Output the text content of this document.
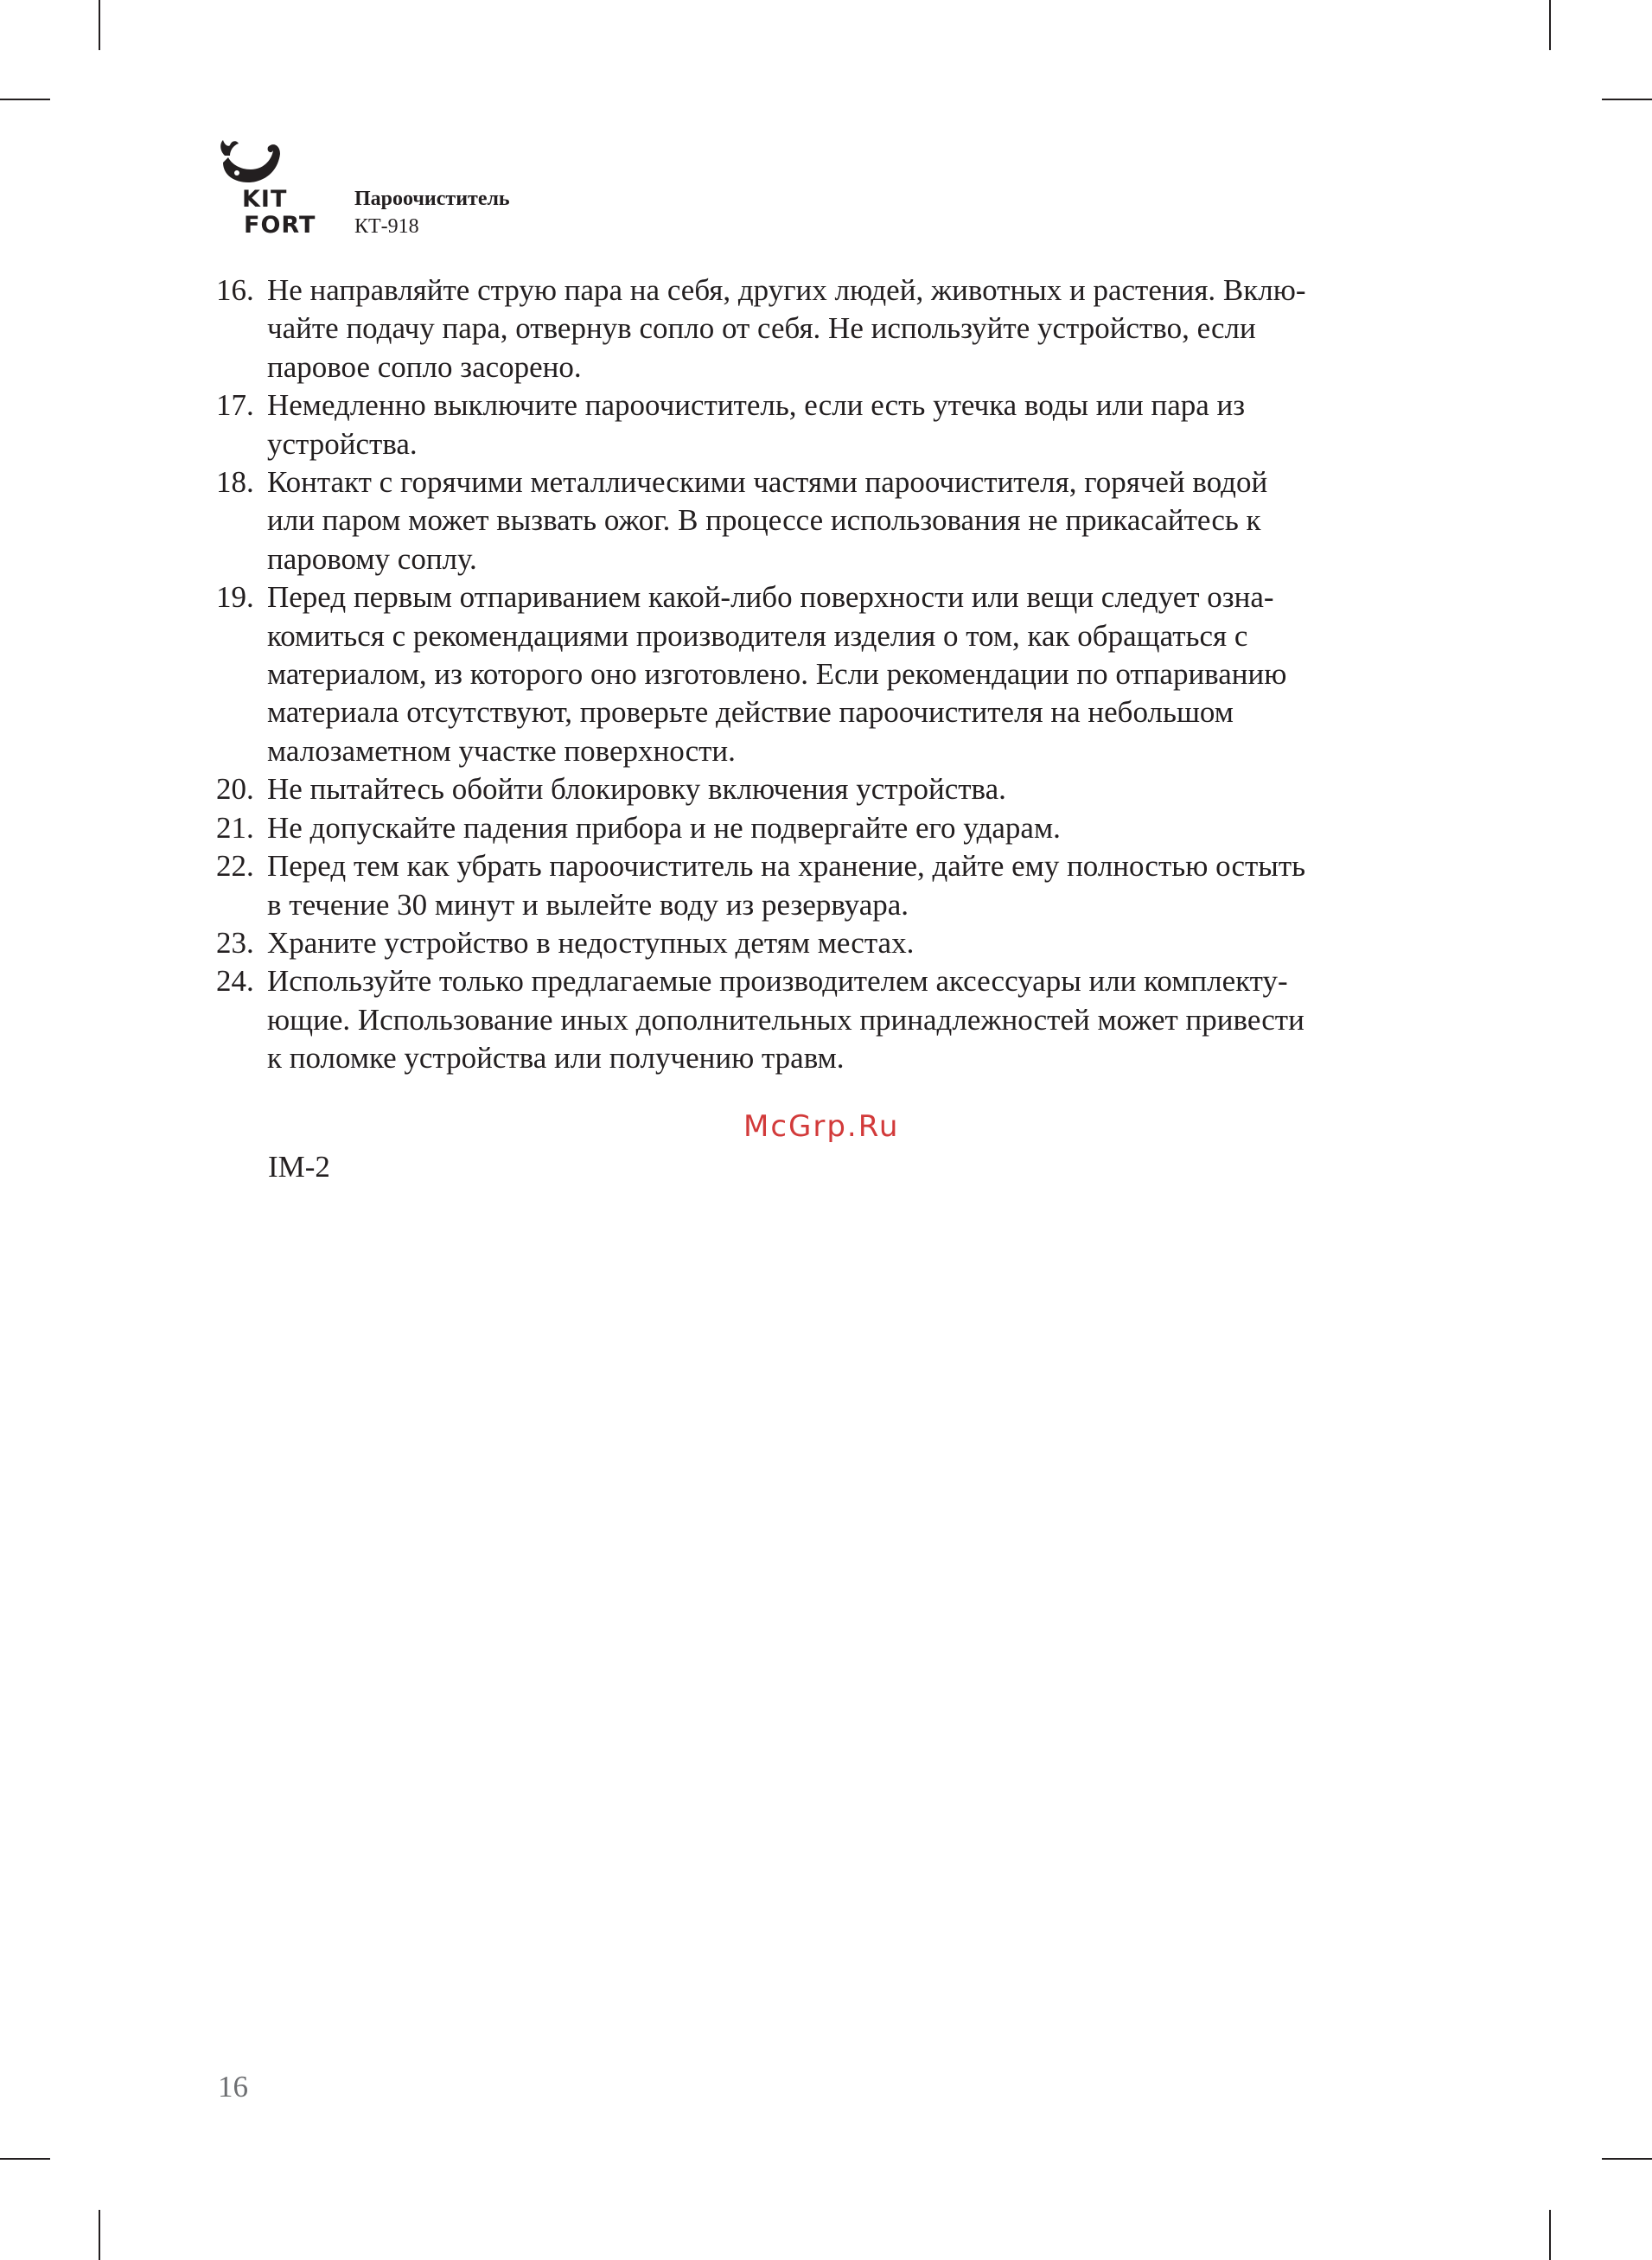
KIT
FORT
Пароочиститель
КТ-918
16. Не направляйте струю пара на себя, других людей, животных и растения. Вклю-
чайте подачу пара, отвернув сопло от себя. Не используйте устройство, если
паровое сопло засорено.
17. Немедленно выключите пароочиститель, если есть утечка воды или пара из
устройства.
18. Контакт с горячими металлическими частями пароочистителя, горячей водой
или паром может вызвать ожог. В процессе использования не прикасайтесь к
паровому соплу.
19. Перед первым отпариванием какой-либо поверхности или вещи следует озна-
комиться с рекомендациями производителя изделия о том, как обращаться с
материалом, из которого оно изготовлено. Если рекомендации по отпариванию
материала отсутствуют, проверьте действие пароочистителя на небольшом
малозаметном участке поверхности.
20. Не пытайтесь обойти блокировку включения устройства.
21. Не допускайте падения прибора и не подвергайте его ударам.
22. Перед тем как убрать пароочиститель на хранение, дайте ему полностью остыть
в течение 30 минут и вылейте воду из резервуара.
23. Храните устройство в недоступных детям местах.
24. Используйте только предлагаемые производителем аксессуары или комплекту-
ющие. Использование иных дополнительных принадлежностей может привести
к поломке устройства или получению травм.
McGrp.Ru
IM-2
16
